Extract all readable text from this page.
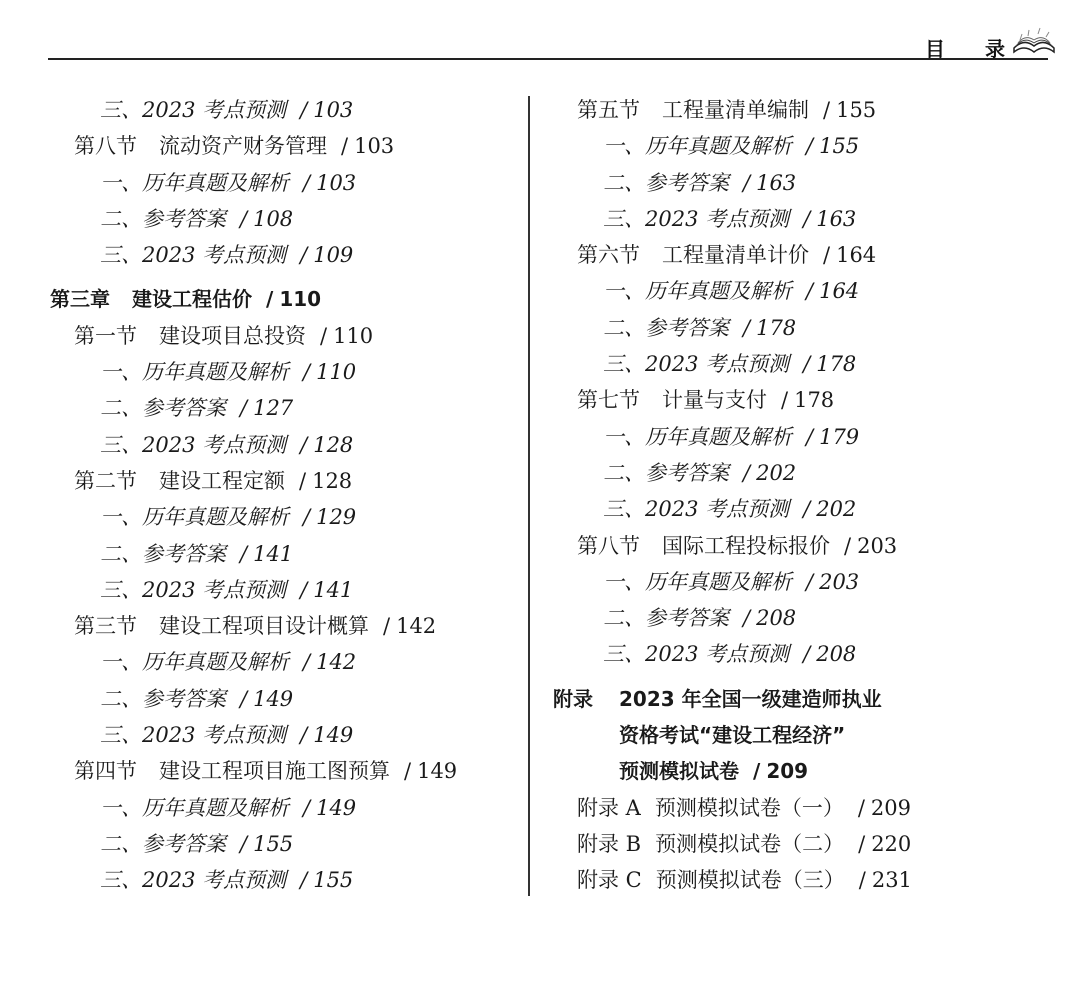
目 录
三、2023 考点预测 / 103
第八节 流动资产财务管理 / 103
一、历年真题及解析 / 103
二、参考答案 / 108
三、2023 考点预测 / 109
第三章 建设工程估价 / 110
第一节 建设项目总投资 / 110
一、历年真题及解析 / 110
二、参考答案 / 127
三、2023 考点预测 / 128
第二节 建设工程定额 / 128
一、历年真题及解析 / 129
二、参考答案 / 141
三、2023 考点预测 / 141
第三节 建设工程项目设计概算 / 142
一、历年真题及解析 / 142
二、参考答案 / 149
三、2023 考点预测 / 149
第四节 建设工程项目施工图预算 / 149
一、历年真题及解析 / 149
二、参考答案 / 155
三、2023 考点预测 / 155
第五节 工程量清单编制 / 155
一、历年真题及解析 / 155
二、参考答案 / 163
三、2023 考点预测 / 163
第六节 工程量清单计价 / 164
一、历年真题及解析 / 164
二、参考答案 / 178
三、2023 考点预测 / 178
第七节 计量与支付 / 178
一、历年真题及解析 / 179
二、参考答案 / 202
三、2023 考点预测 / 202
第八节 国际工程投标报价 / 203
一、历年真题及解析 / 203
二、参考答案 / 208
三、2023 考点预测 / 208
附录	2023 年全国一级建造师执业
资格考试“建设工程经济”
预测模拟试卷 / 209
附录 A 预测模拟试卷（一） / 209
附录 B 预测模拟试卷（二） / 220
附录 C 预测模拟试卷（三） / 231
